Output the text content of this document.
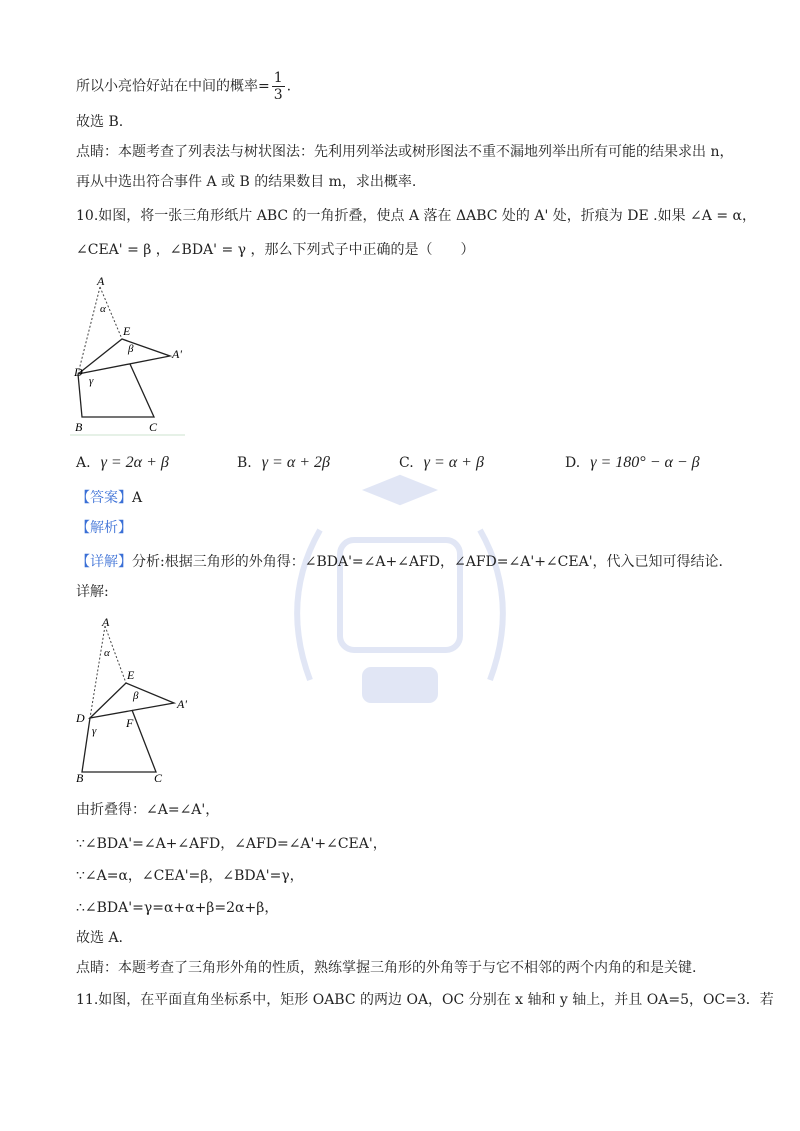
所以小亮恰好站在中间的概率= $\frac{1}{3}$ .
故选 B.
点睛：本题考查了列表法与树状图法：先利用列举法或树形图法不重不漏地列举出所有可能的结果求出 n，
再从中选出符合事件 A 或 B 的结果数目 m，求出概率.
10.如图，将一张三角形纸片 ABC 的一角折叠，使点 A 落在 ΔABC 处的 A' 处，折痕为 DE .如果 ∠A = α，
∠CEA' = β ，∠BDA' = γ ，那么下列式子中正确的是（　　）
A
α
E
β	A'
D
γ
B	C
A. γ = 2α + β	B. γ = α + 2β	C. γ = α + β	D. γ = 180° − α − β
【答案】A
【解析】
【详解】分析:根据三角形的外角得：∠BDA'=∠A+∠AFD，∠AFD=∠A'+∠CEA'，代入已知可得结论.
详解:
A
α
E
β
A'
D	F
γ
B	C
由折叠得：∠A=∠A'，
∵∠BDA'=∠A+∠AFD，∠AFD=∠A'+∠CEA'，
∵∠A=α，∠CEA'=β，∠BDA'=γ，
∴∠BDA'=γ=α+α+β=2α+β，
故选 A.
点睛：本题考查了三角形外角的性质，熟练掌握三角形的外角等于与它不相邻的两个内角的和是关键.
11.如图，在平面直角坐标系中，矩形 OABC 的两边 OA，OC 分别在 x 轴和 y 轴上，并且 OA=5，OC=3．若
